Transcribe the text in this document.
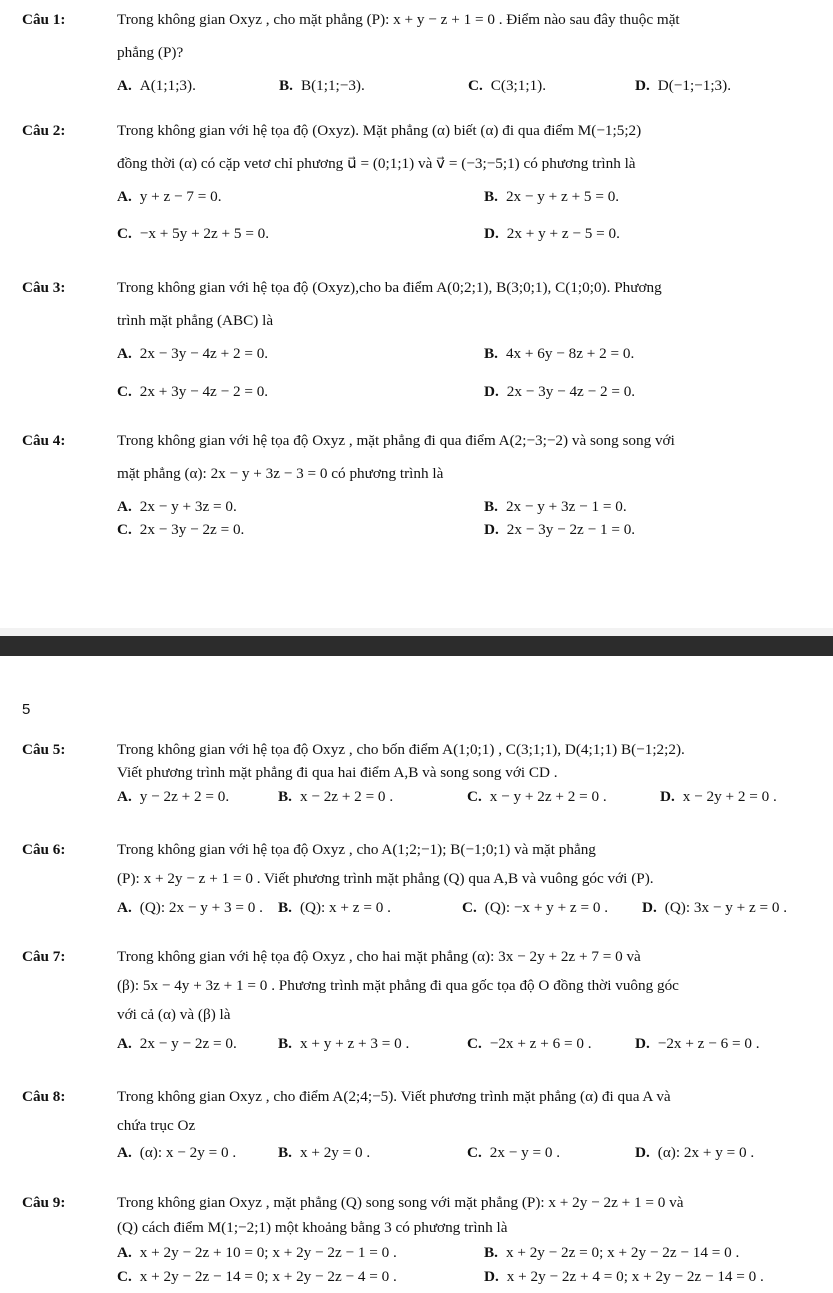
Câu 1:	Trong không gian Oxyz , cho mặt phẳng (P): x + y − z + 1 = 0 . Điểm nào sau đây thuộc mặt
phẳng (P)?
A. A(1;1;3).	B. B(1;1;−3).	C. C(3;1;1).	D. D(−1;−1;3).
Câu 2:	Trong không gian với hệ tọa độ (Oxyz). Mặt phẳng (α) biết (α) đi qua điểm M(−1;5;2)
đồng thời (α) có cặp vetơ chỉ phương u⃗ = (0;1;1) và v⃗ = (−3;−5;1) có phương trình là
A. y + z − 7 = 0.	B. 2x − y + z + 5 = 0.
C. −x + 5y + 2z + 5 = 0.	D. 2x + y + z − 5 = 0.
Câu 3:	Trong không gian với hệ tọa độ (Oxyz),cho ba điểm A(0;2;1), B(3;0;1), C(1;0;0). Phương
trình mặt phẳng (ABC) là
A. 2x − 3y − 4z + 2 = 0.	B. 4x + 6y − 8z + 2 = 0.
C. 2x + 3y − 4z − 2 = 0.	D. 2x − 3y − 4z − 2 = 0.
Câu 4:	Trong không gian với hệ tọa độ Oxyz , mặt phẳng đi qua điểm A(2;−3;−2) và song song với
mặt phẳng (α): 2x − y + 3z − 3 = 0 có phương trình là
A. 2x − y + 3z = 0.	B. 2x − y + 3z − 1 = 0.
C. 2x − 3y − 2z = 0.	D. 2x − 3y − 2z − 1 = 0.
5
Câu 5:	Trong không gian với hệ tọa độ Oxyz , cho bốn điểm A(1;0;1) , C(3;1;1), D(4;1;1) B(−1;2;2).
Viết phương trình mặt phẳng đi qua hai điểm A,B và song song với CD .
A. y − 2z + 2 = 0.	B. x − 2z + 2 = 0 .	C. x − y + 2z + 2 = 0 .	D. x − 2y + 2 = 0 .
Câu 6:	Trong không gian với hệ tọa độ Oxyz , cho A(1;2;−1); B(−1;0;1) và mặt phẳng
(P): x + 2y − z + 1 = 0 . Viết phương trình mặt phẳng (Q) qua A,B và vuông góc với (P).
A. (Q): 2x − y + 3 = 0 . B. (Q): x + z = 0 .	C. (Q): −x + y + z = 0 . D. (Q): 3x − y + z = 0 .
Câu 7:	Trong không gian với hệ tọa độ Oxyz , cho hai mặt phẳng (α): 3x − 2y + 2z + 7 = 0 và
(β): 5x − 4y + 3z + 1 = 0 . Phương trình mặt phẳng đi qua gốc tọa độ O đồng thời vuông góc
với cả (α) và (β) là
A. 2x − y − 2z = 0.	B. x + y + z + 3 = 0 .	C. −2x + z + 6 = 0 .	D. −2x + z − 6 = 0 .
Câu 8:	Trong không gian Oxyz , cho điểm A(2;4;−5). Viết phương trình mặt phẳng (α) đi qua A và
chứa trục Oz
A. (α): x − 2y = 0 .	B. x + 2y = 0 .	C. 2x − y = 0 .	D. (α): 2x + y = 0 .
Câu 9:	Trong không gian Oxyz , mặt phẳng (Q) song song với mặt phẳng (P): x + 2y − 2z + 1 = 0 và
(Q) cách điểm M(1;−2;1) một khoảng bằng 3 có phương trình là
A. x + 2y − 2z + 10 = 0; x + 2y − 2z − 1 = 0 .	B. x + 2y − 2z = 0; x + 2y − 2z − 14 = 0 .
C. x + 2y − 2z − 14 = 0; x + 2y − 2z − 4 = 0 .	D. x + 2y − 2z + 4 = 0; x + 2y − 2z − 14 = 0 .
